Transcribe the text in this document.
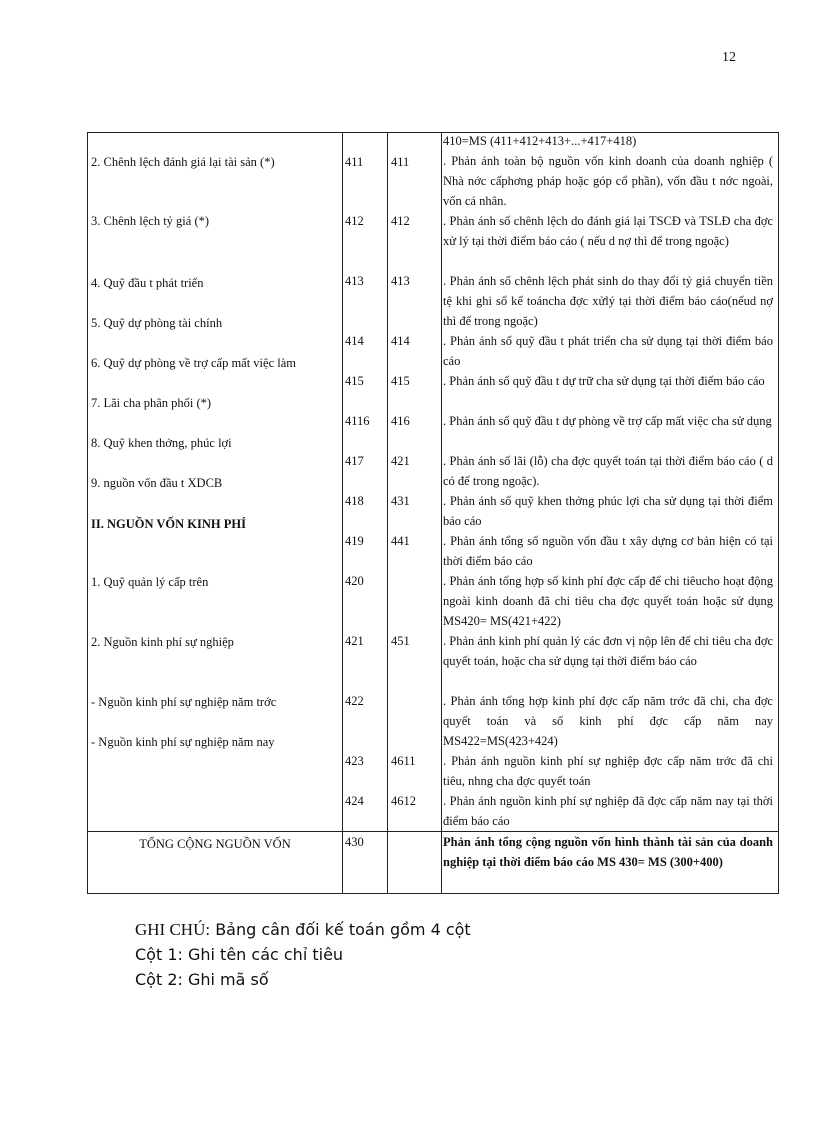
12
2. Chênh lệch đánh giá lại tài sản (*)
3. Chênh lệch tỷ giá (*)
4. Quỹ đầu t phát triển
5. Quỹ dự phòng tài chính
6. Quỹ dự phòng về trợ cấp mất việc làm
7. Lãi cha phân phối (*)
8. Quỹ khen thởng, phúc lợi
9. nguồn vốn đầu t XDCB
II. NGUỒN VỐN KINH PHÍ
1. Quỹ quản lý cấp trên
2. Nguồn kinh phí sự nghiệp
- Nguồn kinh phí sự nghiệp năm trớc
- Nguồn kinh phí sự nghiệp năm nay
411
412
413
414
415
4116
417
418
419
420
421
422
423
424
411
412
413
414
415
416
421
431
441
451
4611
4612
410=MS (411+412+413+...+417+418)
. Phản ánh toàn bộ nguồn vốn kinh doanh của doanh nghiệp ( Nhà nớc cấphơng pháp hoặc góp cổ phần), vốn đầu t nớc ngoài, vốn cá nhân.
. Phản ánh số chênh lệch do đánh giá lại TSCĐ và TSLĐ cha đợc xử lý tại thời điểm báo cáo ( nếu d nợ thì để trong ngoặc)
. Phản ánh số chênh lệch phát sinh do thay đổi tỷ giá chuyển tiền tệ khi ghi sổ kế toáncha đợc xửlý tại thời điểm báo cáo(nếud nợ thì để trong ngoặc)
. Phản ánh số quỹ đầu t phát triển cha sử dụng tại thời điểm báo cáo
. Phản ánh số quỹ đầu t dự trữ cha sử dụng tại thời điểm báo cáo
. Phản ánh số quỹ đầu t dự phòng về trợ cấp mất việc cha sử dụng
. Phản ánh số lãi (lỗ) cha đợc quyết toán tại thời điểm báo cáo ( d có để trong ngoặc).
. Phản ánh số quỹ khen thởng phúc lợi cha sử dụng tại thời điểm báo cáo
. Phản ánh tổng số nguồn vốn đầu t xây dựng cơ bản hiện có tại thời điểm báo cáo
. Phản ánh tổng hợp số kinh phí đợc cấp để chi tiêucho hoạt động ngoài kinh doanh đã chi tiêu cha đợc quyết toán hoặc sử dụng MS420= MS(421+422)
. Phản ánh kinh phí quản lý các đơn vị nộp lên để chi tiêu cha đợc quyết toán, hoặc cha sử dụng tại thời điểm báo cáo
. Phản ánh tổng hợp kinh phí đợc cấp năm trớc đã chi, cha đợc quyết toán và số kinh phí đợc cấp năm nay MS422=MS(423+424)
. Phản ánh nguồn kinh phí sự nghiệp đợc cấp năm trớc đã chi tiêu, nhng cha đợc quyết toán
. Phản ánh nguồn kinh phí sự nghiệp đã đợc cấp năm nay tại thời điểm báo cáo
TỔNG CỘNG NGUỒN VỐN	430	Phản ánh tổng cộng nguồn vốn hình thành tài sản của doanh nghiệp tại thời điểm báo cáo MS 430= MS (300+400)
GHI CHÚ: Bảng cân đối kế toán gồm 4 cột
Cột 1: Ghi tên các chỉ tiêu
Cột 2: Ghi mã số
